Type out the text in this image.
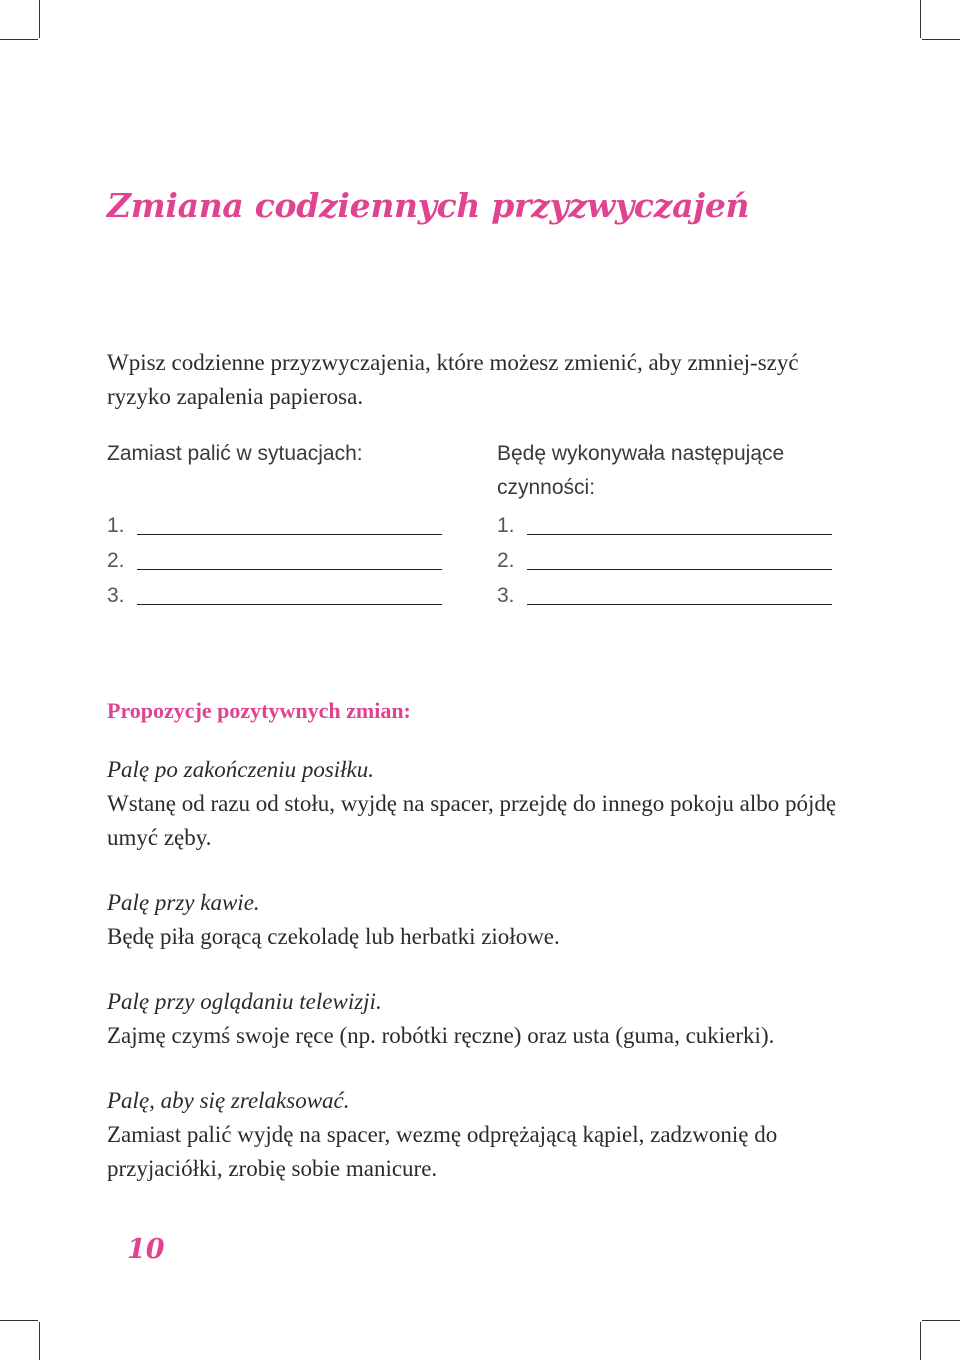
Zmiana codziennych przyzwyczajeń

Wpisz codzienne przyzwyczajenia, które możesz zmienić, aby zmniej-szyć ryzyko zapalenia papierosa.

Zamiast palić w sytuacjach:

1.
2.
3.

Będę wykonywała następujące czynności:

1.
2.
3.

Propozycje pozytywnych zmian:

Palę po zakończeniu posiłku.
Wstanę od razu od stołu, wyjdę na spacer, przejdę do innego pokoju albo pójdę umyć zęby.
Palę przy kawie.
Będę piła gorącą czekoladę lub herbatki ziołowe.
Palę przy oglądaniu telewizji.
Zajmę czymś swoje ręce (np. robótki ręczne) oraz usta (guma, cukierki).
Palę, aby się zrelaksować.
Zamiast palić wyjdę na spacer, wezmę odprężającą kąpiel, zadzwonię do przyjaciółki, zrobię sobie manicure.
10
